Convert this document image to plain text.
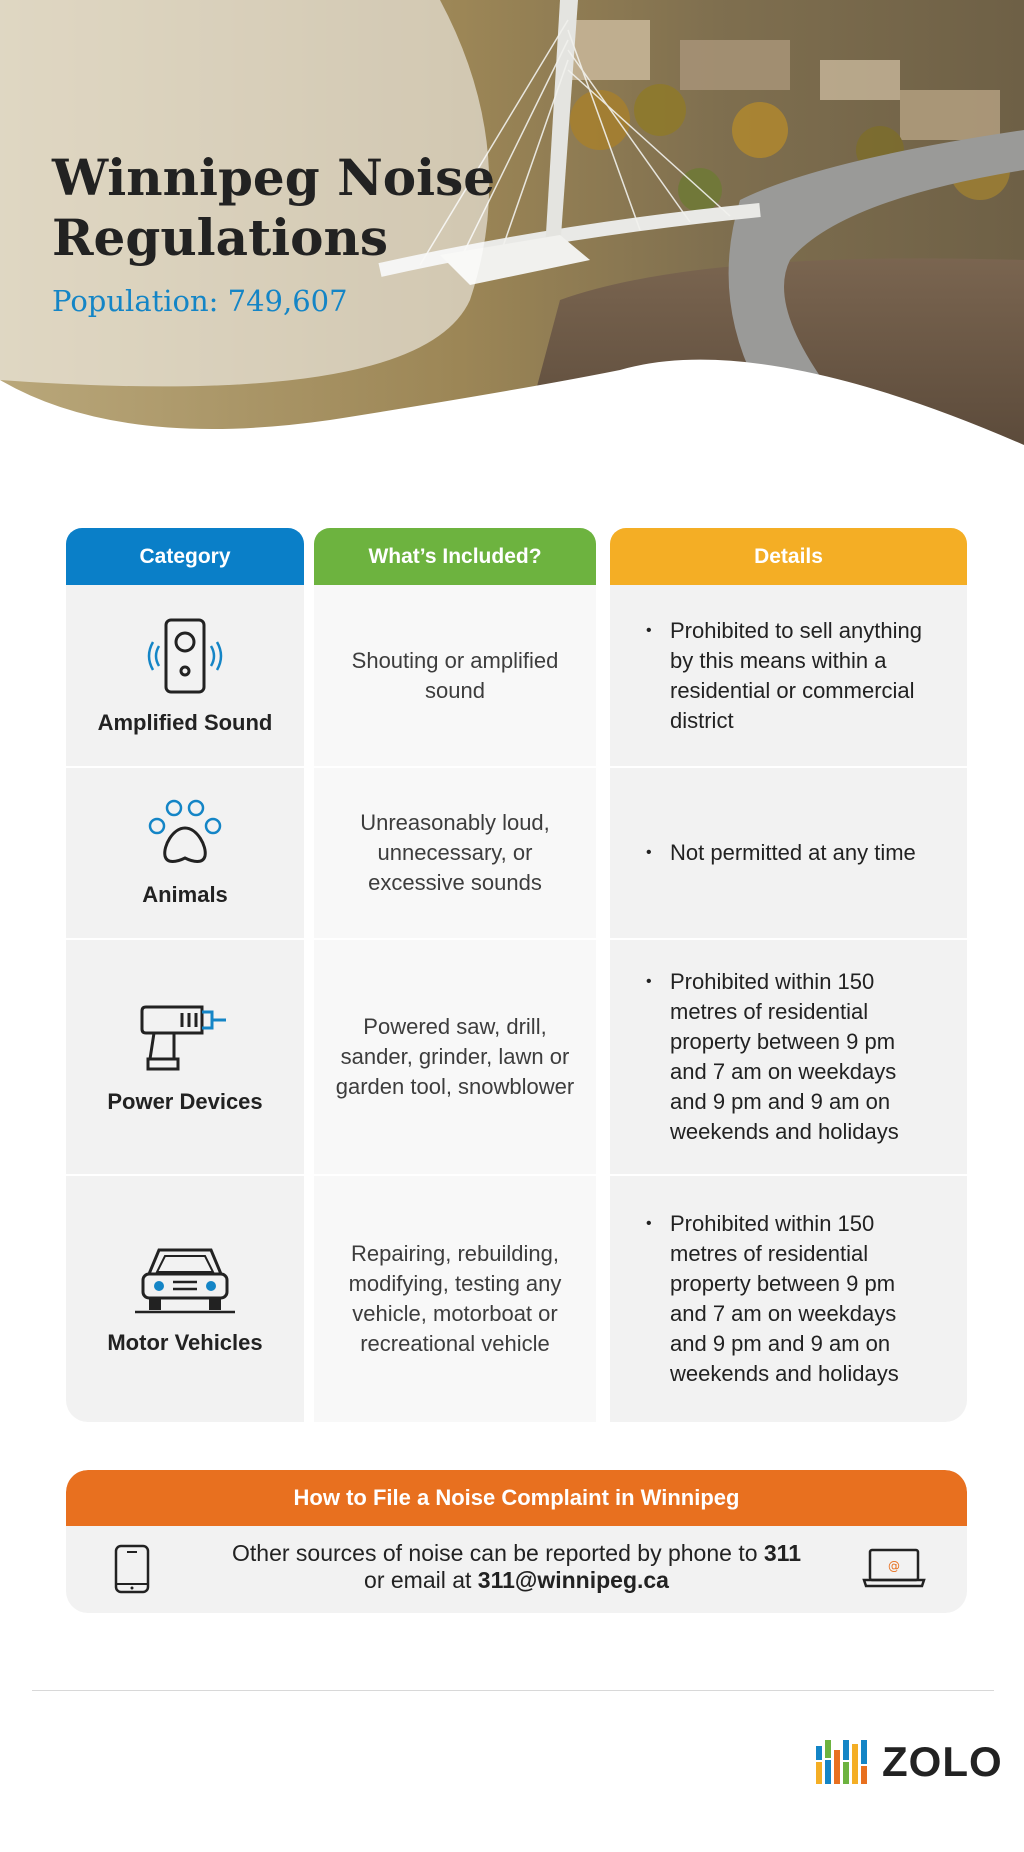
Winnipeg Noise
Regulations
Population: 749,607
Category
Amplified Sound
Animals
Power Devices
Motor Vehicles
What’s Included?
Shouting or amplified sound
Unreasonably loud, unnecessary, or excessive sounds
Powered saw, drill, sander, grinder, lawn or garden tool, snowblower
Repairing, rebuilding, modifying, testing any vehicle, motorboat or recreational vehicle
Details
• Prohibited to sell anything by this means within a residential or commercial district
• Not permitted at any time
• Prohibited within 150 metres of residential property between 9 pm and 7 am on weekdays and 9 pm and 9 am on weekends and holidays
• Prohibited within 150 metres of residential property between 9 pm and 7 am on weekdays and 9 pm and 9 am on weekends and holidays
How to File a Noise Complaint in Winnipeg
Other sources of noise can be reported by phone to 311
or email at 311@winnipeg.ca
@
ZOLO
